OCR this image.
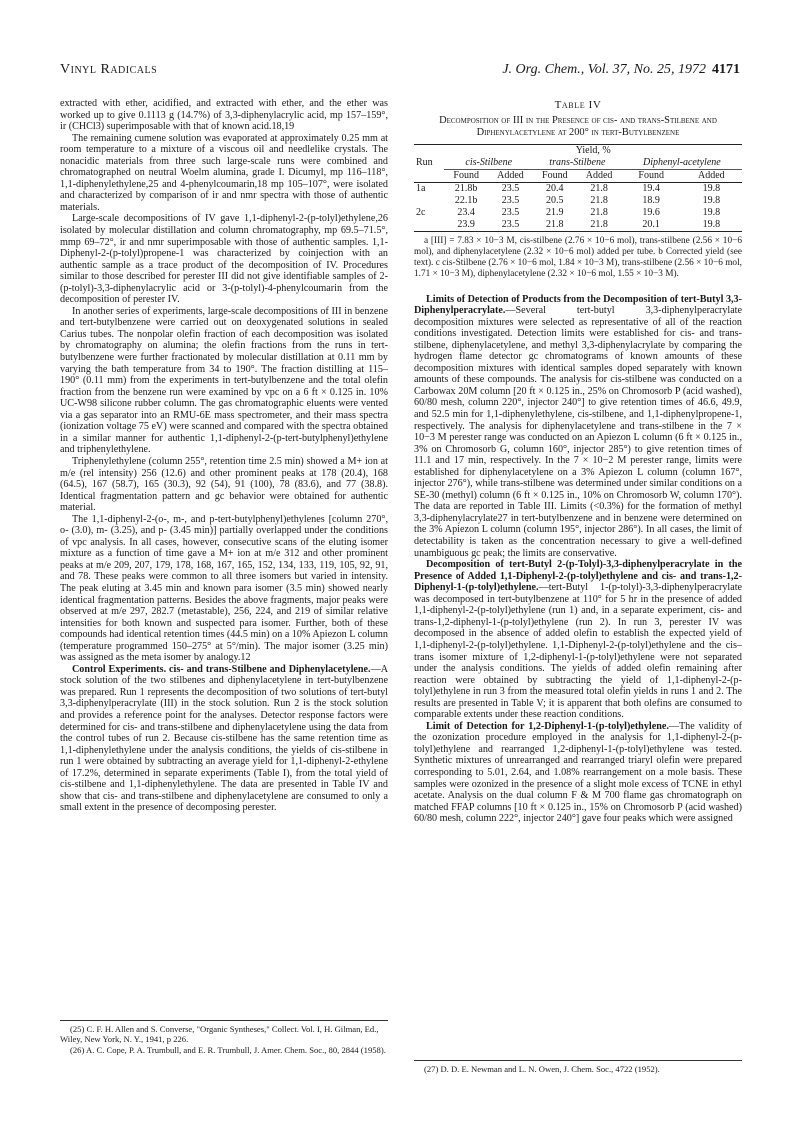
Vinyl Radicals	J. Org. Chem., Vol. 37, No. 25, 1972 4171

extracted with ether, acidified, and extracted with ether, and the ether was worked up to give 0.1113 g (14.7%) of 3,3-diphenylacrylic acid, mp 157–159°, ir (CHCl3) superimposable with that of known acid.18,19

The remaining cumene solution was evaporated at approximately 0.25 mm at room temperature to a mixture of a viscous oil and needlelike crystals. The nonacidic materials from three such large-scale runs were combined and chromatographed on neutral Woelm alumina, grade I. Dicumyl, mp 116–118°, 1,1-diphenylethylene,25 and 4-phenylcoumarin,18 mp 105–107°, were isolated and characterized by comparison of ir and nmr spectra with those of authentic materials.

Large-scale decompositions of IV gave 1,1-diphenyl-2-(p-tolyl)ethylene,26 isolated by molecular distillation and column chromatography, mp 69.5–71.5°, mmp 69–72°, ir and nmr superimposable with those of authentic samples. 1,1-Diphenyl-2-(p-tolyl)propene-1 was characterized by coinjection with an authentic sample as a trace product of the decomposition of IV. Procedures similar to those described for perester III did not give identifiable samples of 2-(p-tolyl)-3,3-diphenylacrylic acid or 3-(p-tolyl)-4-phenylcoumarin from the decomposition of perester IV.

In another series of experiments, large-scale decompositions of III in benzene and tert-butylbenzene were carried out on deoxygenated solutions in sealed Carius tubes. The nonpolar olefin fraction of each decomposition was isolated by chromatography on alumina; the olefin fractions from the runs in tert-butylbenzene were further fractionated by molecular distillation at 0.11 mm by varying the bath temperature from 34 to 190°. The fraction distilling at 115–190° (0.11 mm) from the experiments in tert-butylbenzene and the total olefin fraction from the benzene run were examined by vpc on a 6 ft × 0.125 in. 10% UC-W98 silicone rubber column. The gas chromatographic eluents were vented via a gas separator into an RMU-6E mass spectrometer, and their mass spectra (ionization voltage 75 eV) were scanned and compared with the spectra obtained in a similar manner for authentic 1,1-diphenyl-2-(p-tert-butylphenyl)ethylene and triphenylethylene.

Triphenylethylene (column 255°, retention time 2.5 min) showed a M+ ion at m/e (rel intensity) 256 (12.6) and other prominent peaks at 178 (20.4), 168 (64.5), 167 (58.7), 165 (30.3), 92 (54), 91 (100), 78 (83.6), and 77 (38.8). Identical fragmentation pattern and gc behavior were obtained for authentic material.

The 1,1-diphenyl-2-(o-, m-, and p-tert-butylphenyl)ethylenes [column 270°, o- (3.0), m- (3.25), and p- (3.45 min)] partially overlapped under the conditions of vpc analysis. In all cases, however, consecutive scans of the eluting isomer mixture as a function of time gave a M+ ion at m/e 312 and other prominent peaks at m/e 209, 207, 179, 178, 168, 167, 165, 152, 134, 133, 119, 105, 92, 91, and 78. These peaks were common to all three isomers but varied in intensity. The peak eluting at 3.45 min and known para isomer (3.5 min) showed nearly identical fragmentation patterns. Besides the above fragments, major peaks were observed at m/e 297, 282.7 (metastable), 256, 224, and 219 of similar relative intensities for both known and suspected para isomer. Further, both of these compounds had identical retention times (44.5 min) on a 10% Apiezon L column (temperature programmed 150–275° at 5°/min). The major isomer (3.25 min) was assigned as the meta isomer by analogy.12

Control Experiments. cis- and trans-Stilbene and Diphenylacetylene.—A stock solution of the two stilbenes and diphenylacetylene in tert-butylbenzene was prepared. Run 1 represents the decomposition of two solutions of tert-butyl 3,3-diphenylperacrylate (III) in the stock solution. Run 2 is the stock solution and provides a reference point for the analyses. Detector response factors were determined for cis- and trans-stilbene and diphenylacetylene using the data from the control tubes of run 2. Because cis-stilbene has the same retention time as 1,1-diphenylethylene under the analysis conditions, the yields of cis-stilbene in run 1 were obtained by subtracting an average yield for 1,1-diphenyl-2-ethylene of 17.2%, determined in separate experiments (Table I), from the total yield of cis-stilbene and 1,1-diphenylethylene. The data are presented in Table IV and show that cis- and trans-stilbene and diphenylacetylene are consumed to only a small extent in the presence of decomposing perester.

(25) C. F. H. Allen and S. Converse, "Organic Syntheses," Collect. Vol. I, H. Gilman, Ed., Wiley, New York, N. Y., 1941, p 226.

(26) A. C. Cope, P. A. Trumbull, and E. R. Trumbull, J. Amer. Chem. Soc., 80, 2844 (1958).

Table IV
Decomposition of III in the Presence of cis- and trans-Stilbene and Diphenylacetylene at 200° in tert-Butylbenzene
	Yield, %					
Run	cis-Stilbene		trans-Stilbene		Diphenyl-acetylene	
	Found	Added	Found	Added	Found	Added
1a	21.8b	23.5	20.4	21.8	19.4	19.8
	22.1b	23.5	20.5	21.8	18.9	19.8
2c	23.4	23.5	21.9	21.8	19.6	19.8
	23.9	23.5	21.8	21.8	20.1	19.8

a [III] = 7.83 × 10−3 M, cis-stilbene (2.76 × 10−6 mol), trans-stilbene (2.56 × 10−6 mol), and diphenylacetylene (2.32 × 10−6 mol) added per tube. b Corrected yield (see text). c cis-Stilbene (2.76 × 10−6 mol, 1.84 × 10−3 M), trans-stilbene (2.56 × 10−6 mol, 1.71 × 10−3 M), diphenylacetylene (2.32 × 10−6 mol, 1.55 × 10−3 M).

Limits of Detection of Products from the Decomposition of tert-Butyl 3,3-Diphenylperacrylate.—Several tert-butyl 3,3-diphenylperacrylate decomposition mixtures were selected as representative of all of the reaction conditions investigated. Detection limits were established for cis- and trans-stilbene, diphenylacetylene, and methyl 3,3-diphenylacrylate by comparing the hydrogen flame detector gc chromatograms of known amounts of these decomposition mixtures with identical samples doped separately with known amounts of these compounds. The analysis for cis-stilbene was conducted on a Carbowax 20M column [20 ft × 0.125 in., 25% on Chromosorb P (acid washed), 60/80 mesh, column 220°, injector 240°] to give retention times of 46.6, 49.9, and 52.5 min for 1,1-diphenylethylene, cis-stilbene, and 1,1-diphenylpropene-1, respectively. The analysis for diphenylacetylene and trans-stilbene in the 7 × 10−3 M perester range was conducted on an Apiezon L column (6 ft × 0.125 in., 3% on Chromosorb G, column 160°, injector 285°) to give retention times of 11.1 and 17 min, respectively. In the 7 × 10−2 M perester range, limits were established for diphenylacetylene on a 3% Apiezon L column (column 167°, injector 276°), while trans-stilbene was determined under similar conditions on a SE-30 (methyl) column (6 ft × 0.125 in., 10% on Chromosorb W, column 170°). The data are reported in Table III. Limits (<0.3%) for the formation of methyl 3,3-diphenylacrylate27 in tert-butylbenzene and in benzene were determined on the 3% Apiezon L column (column 195°, injector 286°). In all cases, the limit of detectability is taken as the concentration necessary to give a well-defined unambiguous gc peak; the limits are conservative.

Decomposition of tert-Butyl 2-(p-Tolyl)-3,3-diphenylperacrylate in the Presence of Added 1,1-Diphenyl-2-(p-tolyl)ethylene and cis- and trans-1,2-Diphenyl-1-(p-tolyl)ethylene.—tert-Butyl 1-(p-tolyl)-3,3-diphenylperacrylate was decomposed in tert-butylbenzene at 110° for 5 hr in the presence of added 1,1-diphenyl-2-(p-tolyl)ethylene (run 1) and, in a separate experiment, cis- and trans-1,2-diphenyl-1-(p-tolyl)ethylene (run 2). In run 3, perester IV was decomposed in the absence of added olefin to establish the expected yield of 1,1-diphenyl-2-(p-tolyl)ethylene. 1,1-Diphenyl-2-(p-tolyl)ethylene and the cis–trans isomer mixture of 1,2-diphenyl-1-(p-tolyl)ethylene were not separated under the analysis conditions. The yields of added olefin remaining after reaction were obtained by subtracting the yield of 1,1-diphenyl-2-(p-tolyl)ethylene in run 3 from the measured total olefin yields in runs 1 and 2. The results are presented in Table V; it is apparent that both olefins are consumed to comparable extents under these reaction conditions.

Limit of Detection for 1,2-Diphenyl-1-(p-tolyl)ethylene.—The validity of the ozonization procedure employed in the analysis for 1,1-diphenyl-2-(p-tolyl)ethylene and rearranged 1,2-diphenyl-1-(p-tolyl)ethylene was tested. Synthetic mixtures of unrearranged and rearranged triaryl olefin were prepared corresponding to 5.01, 2.64, and 1.08% rearrangement on a mole basis. These samples were ozonized in the presence of a slight mole excess of TCNE in ethyl acetate. Analysis on the dual column F & M 700 flame gas chromatograph on matched FFAP columns [10 ft × 0.125 in., 15% on Chromosorb P (acid washed) 60/80 mesh, column 222°, injector 240°] gave four peaks which were assigned

(27) D. D. E. Newman and L. N. Owen, J. Chem. Soc., 4722 (1952).
